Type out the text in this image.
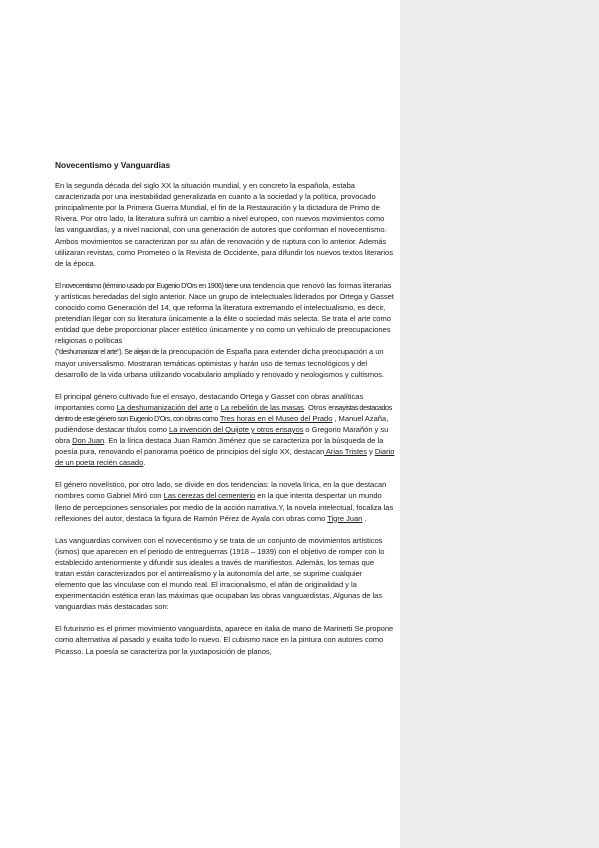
Novecentismo y Vanguardias

En la segunda década del siglo XX la situación mundial, y en concreto la española, estaba caracterizada por una inestabilidad generalizada en cuanto a la sociedad y la política, provocado principalmente por la Primera Guerra Mundial, el fin de la Restauración y la dictadura de Primo de Rivera. Por otro lado, la literatura sufrirá un cambio a nivel europeo, con nuevos movimientos como las vanguardias, y a nivel nacional, con una generación de autores que conforman el novecentismo. Ambos movimientos se caracterizan por su afán de renovación y de ruptura con lo anterior. Además utilizaran revistas, como Prometeo o la Revista de Occidente, para difundir los nuevos textos literarios de la época.

El novecentismo (término usado por Eugenio D'Ors en 1906) tiene una tendencia que renovó las formas literarias y artísticas heredadas del siglo anterior. Nace un grupo de intelectuales liderados por Ortega y Gasset conocido como Generación del 14, que reforma la literatura extremando el intelectualismo, es decir, pretendían llegar con su literatura únicamente a la élite o sociedad más selecta. Se trata el arte como entidad que debe proporcionar placer estético únicamente y no como un vehículo de preocupaciones religiosas o políticas
("deshumanizar el arte"). Se alejan de la preocupación de España para extender dicha preocupación a un mayor universalismo. Mostraran temáticas optimistas y harán uso de temas tecnológicos y del desarrollo de la vida urbana utilizando vocabulario ampliado y renovado y neologismos y cultismos.

El principal género cultivado fue el ensayo, destacando Ortega y Gasset con obras analíticas importantes como La deshumanización del arte o La rebelión de las masas. Otros ensayistas destacados dentro de este género son Eugenio D'Ors, con obras como Tres horas en el Museo del Prado , Manuel Azaña, pudiéndose destacar títulos como La invención del Quijote y otros ensayos o Gregorio Marañón y su obra Don Juan. En la lírica destaca Juan Ramón Jiménez que se caracteriza por la búsqueda de la poesía pura, renovando el panorama poético de principios del siglo XX, destacan Arias Tristes y Diario de un poeta recién casado.

El género novelístico, por otro lado, se divide en dos tendencias: la novela lírica, en la que destacan nombres como Gabriel Miró con Las cerezas del cementerio en la que intenta despertar un mundo lleno de percepciones sensoriales por medio de la acción narrativa.Y, la novela intelectual, focaliza las reflexiones del autor, destaca la figura de Ramón Pérez de Ayala con obras como Tigre Juan .

Las vanguardias conviven con el novecentismo y se trata de un conjunto de movimientos artísticos (ismos) que aparecen en el periodo de entreguerras (1918 – 1939) con el objetivo de romper con lo establecido anteriormente y difundir sus ideales a través de manifiestos. Además, los temas que tratan están caracterizados por el antirrealismo y la autonomía del arte, se suprime cualquier elemento que las vinculase con el mundo real. El irracionalismo, el afán de originalidad y la experimentación estética eran las máximas que ocupaban las obras vanguardistas. Algunas de las vanguardias más destacadas son:

El futurismo es el primer movimiento vanguardista, aparece en italia de mano de Marinetti Se propone como alternativa al pasado y exalta todo lo nuevo. El cubismo nace en la pintura con autores como Picasso. La poesía se caracteriza por la yuxtaposición de planos,
